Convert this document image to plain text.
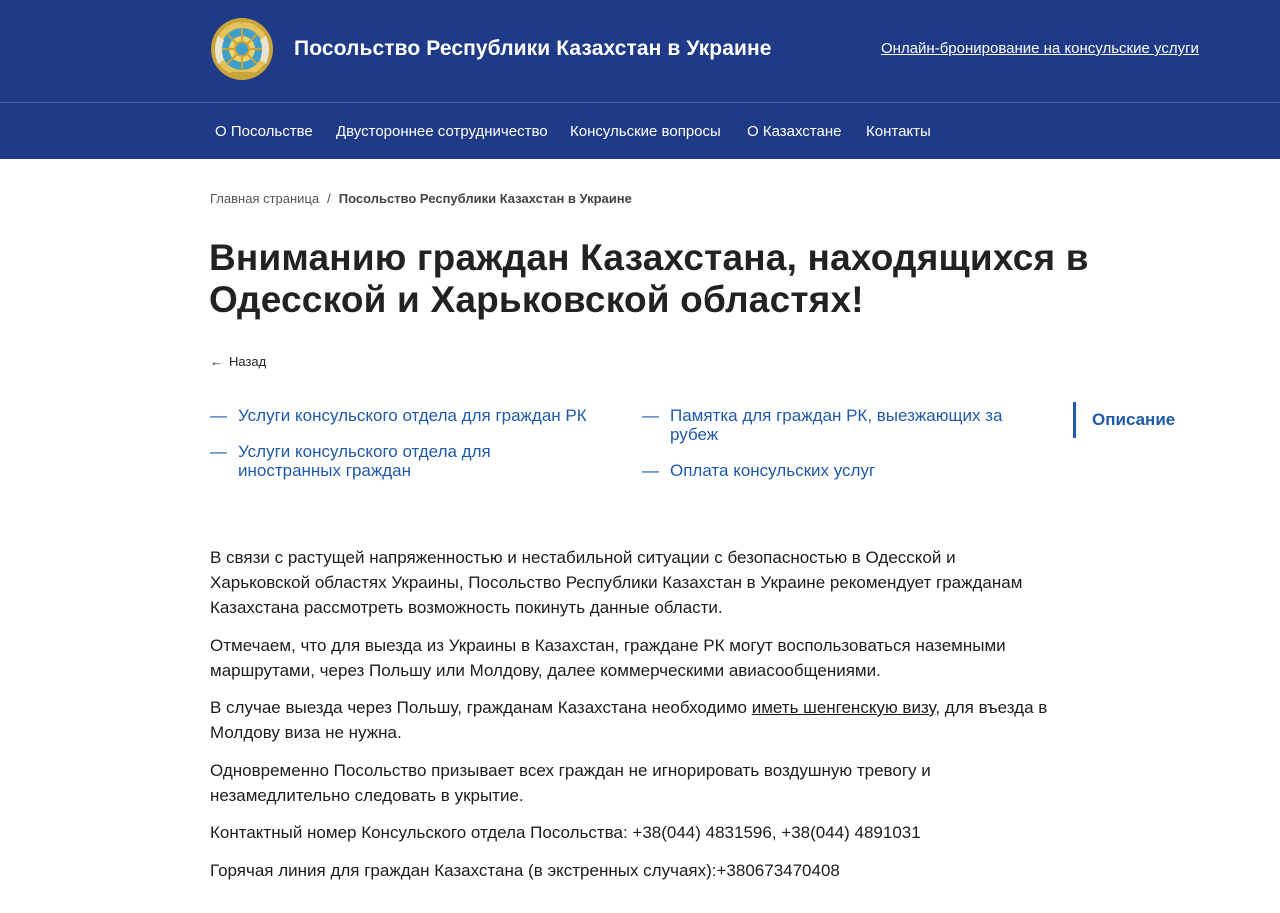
Посольство Республики Казахстан в Украине	Онлайн-бронирование на консульские услуги
О Посольстве Двустороннее сотрудничество Консульские вопросы О Казахстане Контакты
Главная страница / Посольство Республики Казахстан в Украине
Вниманию граждан Казахстана, находящихся в Одесской и Харьковской областях!
← Назад
— Услуги консульского отдела для граждан РК
— Услуги консульского отдела для иностранных граждан
— Памятка для граждан РК, выезжающих за рубеж
— Оплата консульских услуг
Описание

В связи с растущей напряженностью и нестабильной ситуации с безопасностью в Одесской и Харьковской областях Украины, Посольство Республики Казахстан в Украине рекомендует гражданам Казахстана рассмотреть возможность покинуть данные области.

Отмечаем, что для выезда из Украины в Казахстан, граждане РК могут воспользоваться наземными маршрутами, через Польшу или Молдову, далее коммерческими авиасообщениями.

В случае выезда через Польшу, гражданам Казахстана необходимо иметь шенгенскую визу, для въезда в Молдову виза не нужна.

Одновременно Посольство призывает всех граждан не игнорировать воздушную тревогу и незамедлительно следовать в укрытие.

Контактный номер Консульского отдела Посольства: +38(044) 4831596, +38(044) 4891031

Горячая линия для граждан Казахстана (в экстренных случаях):+380673470408
